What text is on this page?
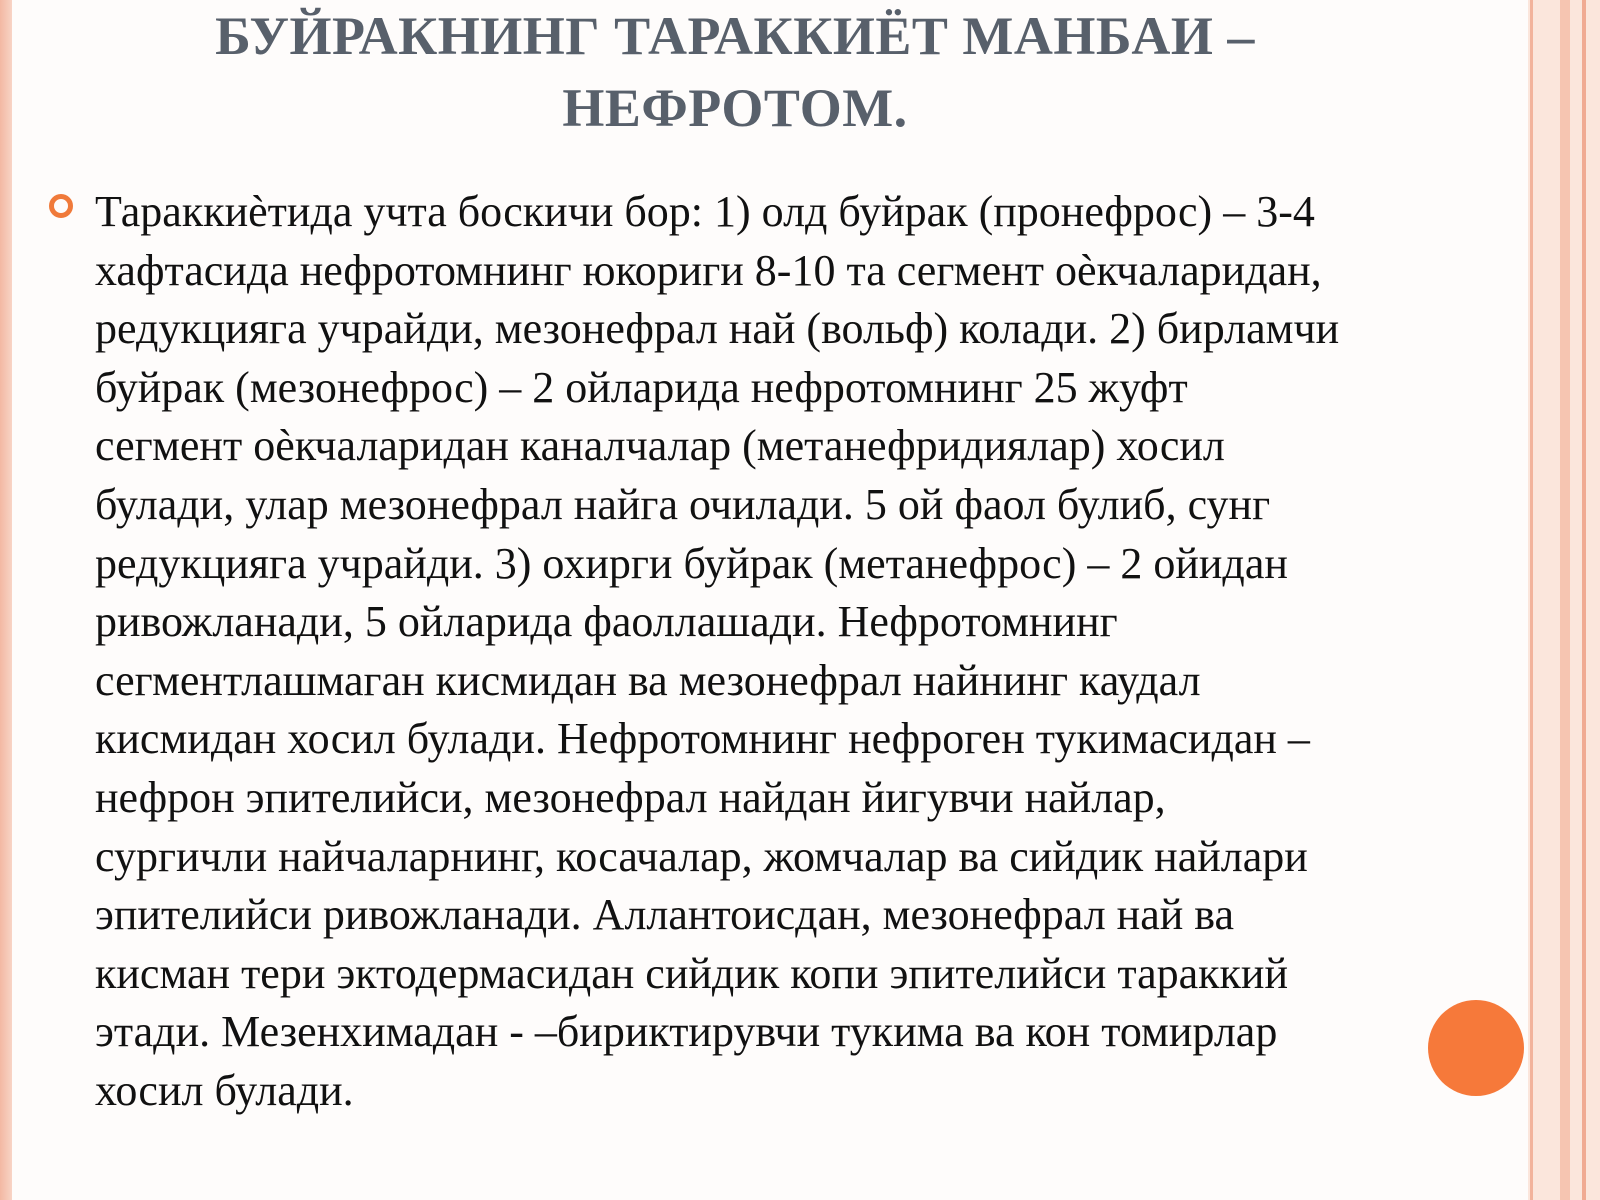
БУЙРАКНИНГ ТАРАККИЁТ МАНБАИ –
НЕФРОТОМ.
Тараккиѐтида учта боскичи бор: 1) олд буйрак (пронефрос) – 3-4
хафтасида нефротомнинг юкориги 8-10 та сегмент оѐкчаларидан,
редукцияга учрайди, мезонефрал най (вольф) колади. 2) бирламчи
буйрак (мезонефрос) – 2 ойларида нефротомнинг 25 жуфт
сегмент оѐкчаларидан каналчалар (метанефридиялар) хосил
булади, улар мезонефрал найга очилади. 5 ой фаол булиб, сунг
редукцияга учрайди. 3) охирги буйрак (метанефрос) – 2 ойидан
ривожланади, 5 ойларида фаоллашади. Нефротомнинг
сегментлашмаган кисмидан ва мезонефрал найнинг каудал
кисмидан хосил булади. Нефротомнинг нефроген тукимасидан –
нефрон эпителийси, мезонефрал найдан йигувчи найлар,
сургичли найчаларнинг, косачалар, жомчалар ва сийдик найлари
эпителийси ривожланади. Аллантоисдан, мезонефрал най ва
кисман тери эктодермасидан сийдик копи эпителийси тараккий
этади. Мезенхимадан - –бириктирувчи тукима ва кон томирлар
хосил булади.
